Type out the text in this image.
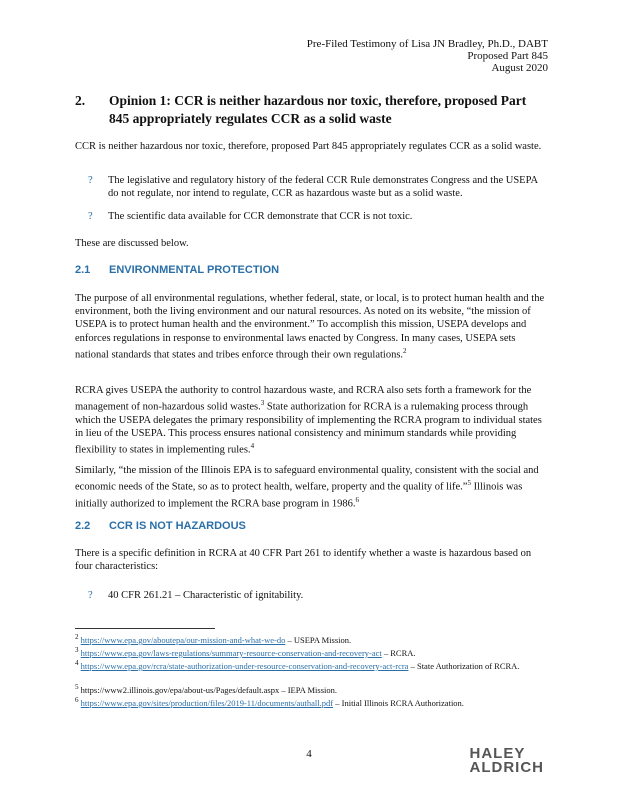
Pre-Filed Testimony of Lisa JN Bradley, Ph.D., DABT
Proposed Part 845
August 2020
2. Opinion 1: CCR is neither hazardous nor toxic, therefore, proposed Part 845 appropriately regulates CCR as a solid waste
CCR is neither hazardous nor toxic, therefore, proposed Part 845 appropriately regulates CCR as a solid waste.
? The legislative and regulatory history of the federal CCR Rule demonstrates Congress and the USEPA do not regulate, nor intend to regulate, CCR as hazardous waste but as a solid waste.
? The scientific data available for CCR demonstrate that CCR is not toxic.
These are discussed below.
2.1 ENVIRONMENTAL PROTECTION
The purpose of all environmental regulations, whether federal, state, or local, is to protect human health and the environment, both the living environment and our natural resources. As noted on its website, “the mission of USEPA is to protect human health and the environment.” To accomplish this mission, USEPA develops and enforces regulations in response to environmental laws enacted by Congress. In many cases, USEPA sets national standards that states and tribes enforce through their own regulations.$^2$
RCRA gives USEPA the authority to control hazardous waste, and RCRA also sets forth a framework for the management of non-hazardous solid wastes.$^3$ State authorization for RCRA is a rulemaking process through which the USEPA delegates the primary responsibility of implementing the RCRA program to individual states in lieu of the USEPA. This process ensures national consistency and minimum standards while providing flexibility to states in implementing rules.$^4$
Similarly, “the mission of the Illinois EPA is to safeguard environmental quality, consistent with the social and economic needs of the State, so as to protect health, welfare, property and the quality of life.”$^5$ Illinois was initially authorized to implement the RCRA base program in 1986.$^6$
2.2 CCR IS NOT HAZARDOUS
There is a specific definition in RCRA at 40 CFR Part 261 to identify whether a waste is hazardous based on four characteristics:
? 40 CFR 261.21 – Characteristic of ignitability.
$^2$ https://www.epa.gov/aboutepa/our-mission-and-what-we-do – USEPA Mission.
$^3$ https://www.epa.gov/laws-regulations/summary-resource-conservation-and-recovery-act – RCRA.
$^4$ https://www.epa.gov/rcra/state-authorization-under-resource-conservation-and-recovery-act-rcra – State Authorization of RCRA.
$^5$ https://www2.illinois.gov/epa/about-us/Pages/default.aspx – IEPA Mission.
$^6$ https://www.epa.gov/sites/production/files/2019-11/documents/authall.pdf – Initial Illinois RCRA Authorization.
4	HALEY
ALDRICH
